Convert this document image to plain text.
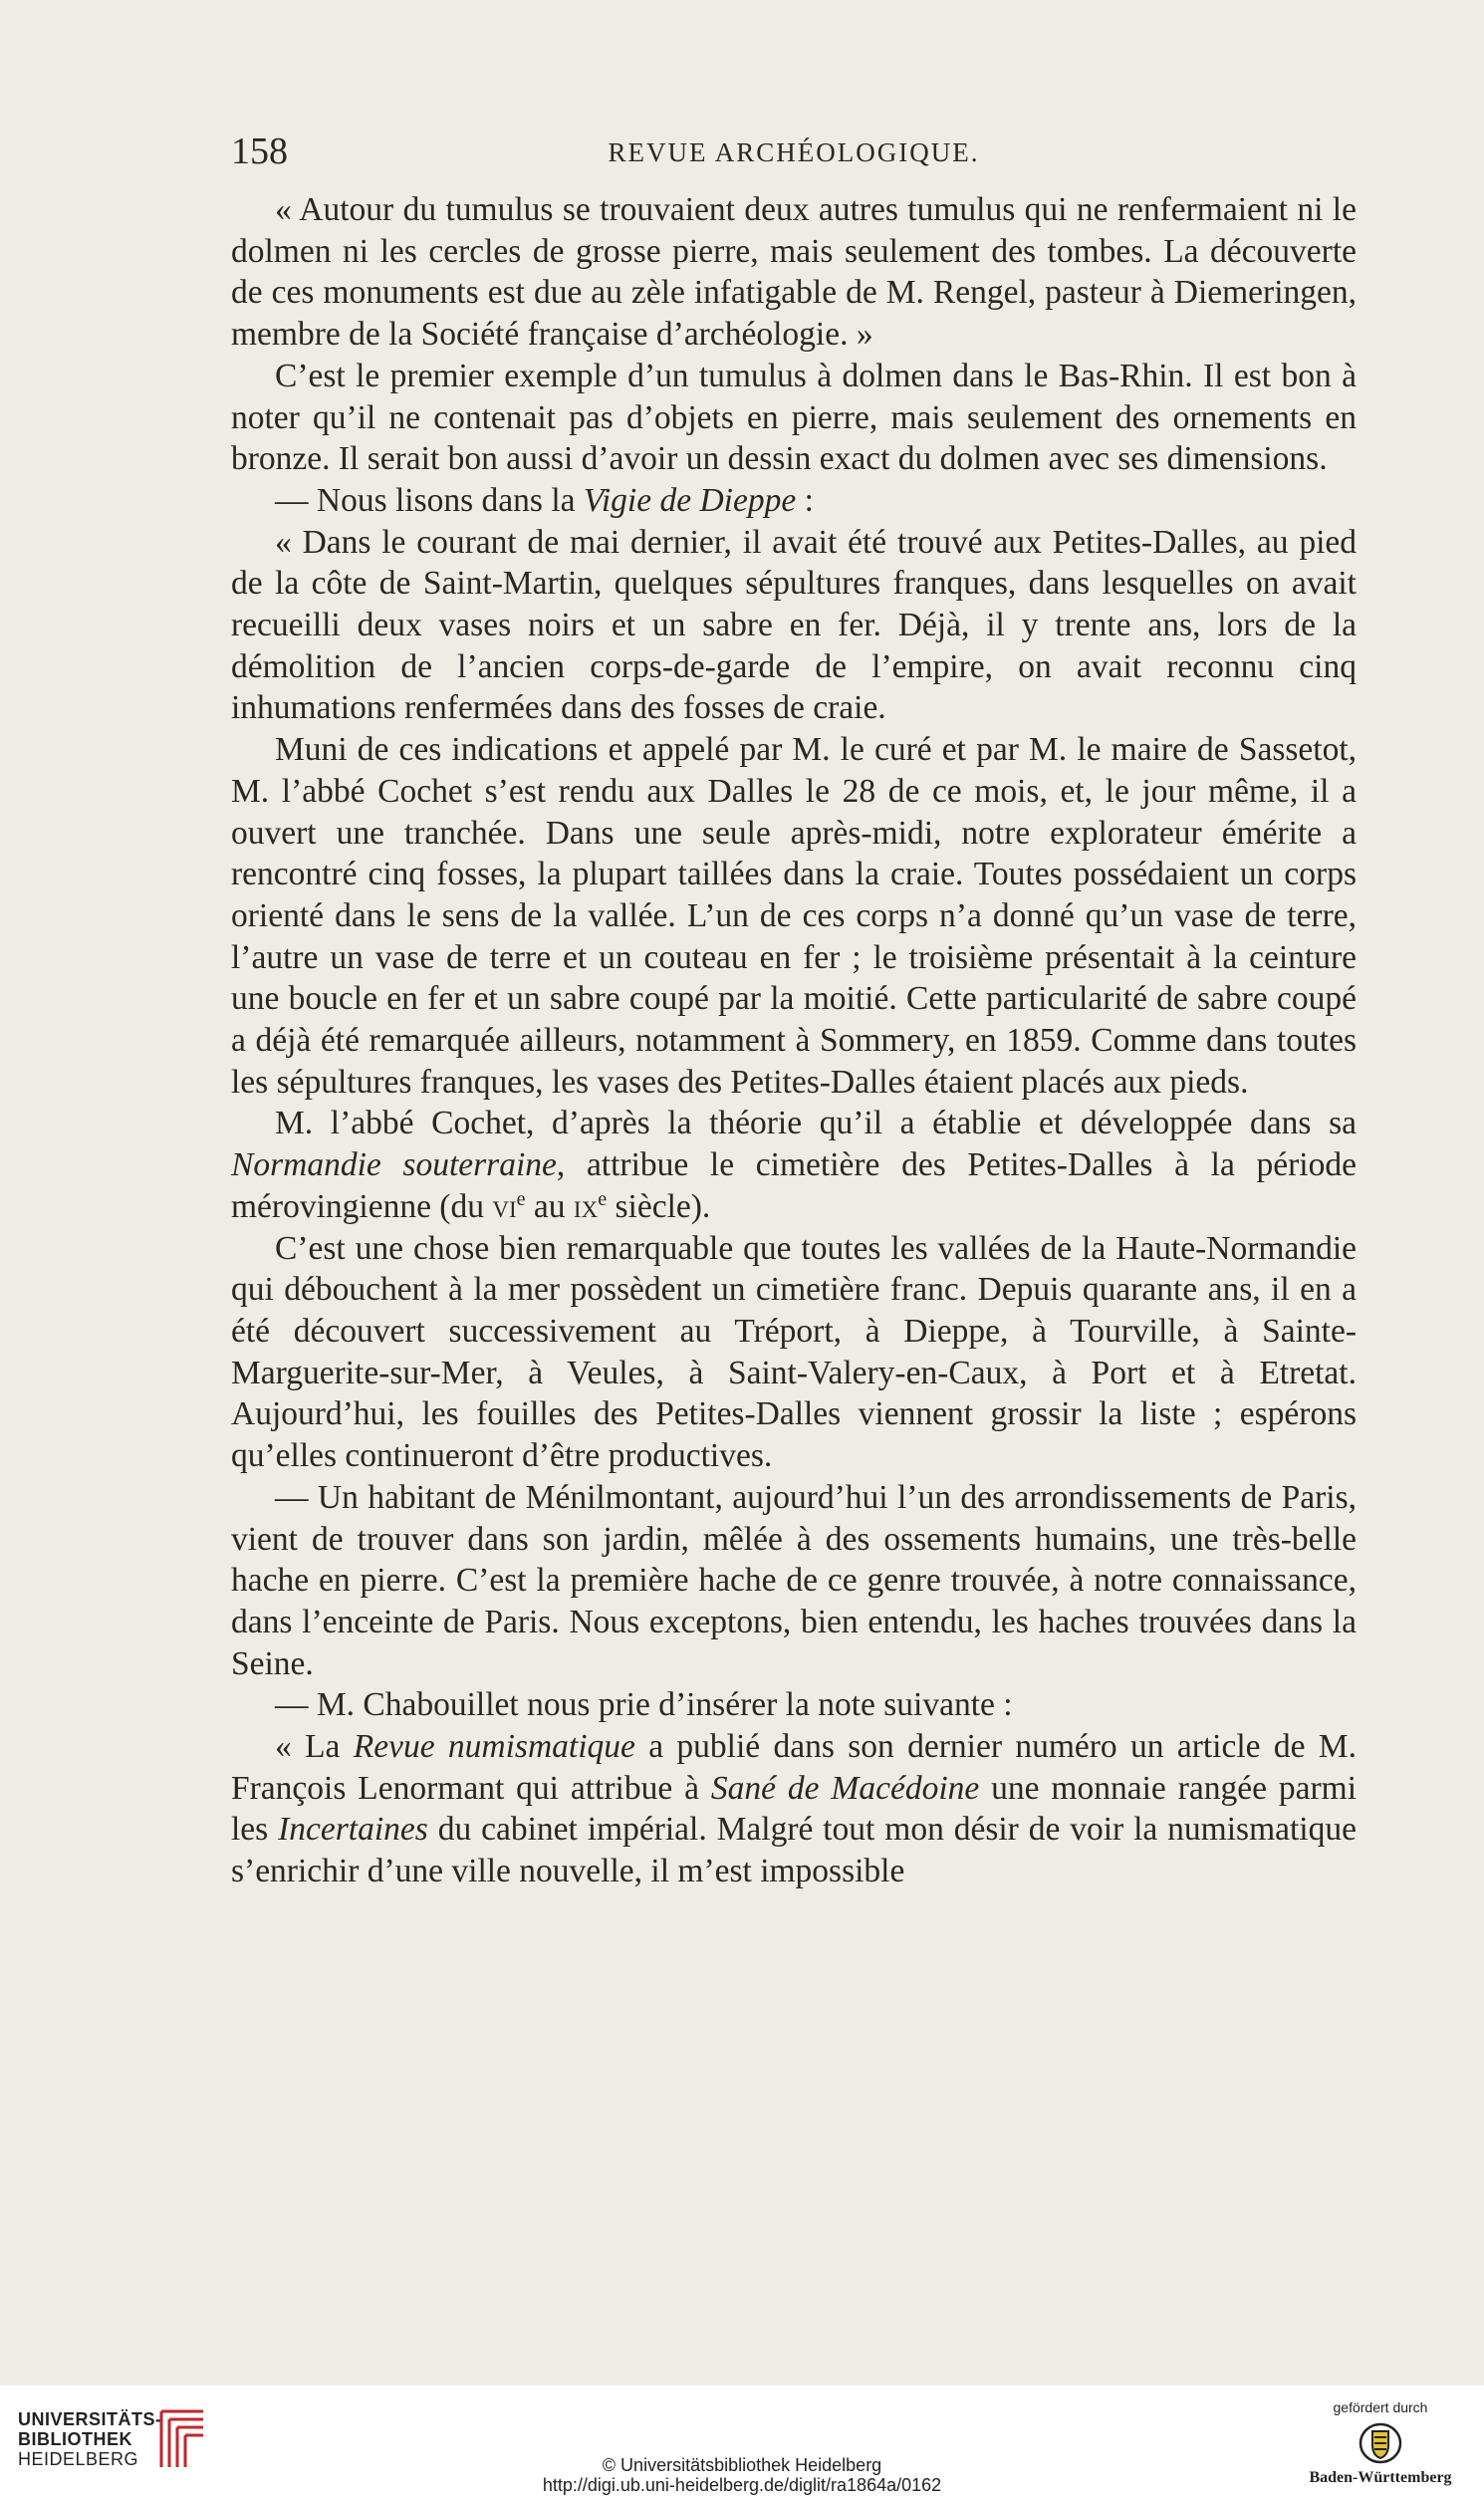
158	REVUE ARCHÉOLOGIQUE.

« Autour du tumulus se trouvaient deux autres tumulus qui ne renfermaient ni le dolmen ni les cercles de grosse pierre, mais seulement des tombes. La découverte de ces monuments est due au zèle infatigable de M. Rengel, pasteur à Diemeringen, membre de la Société française d’archéologie. »

C’est le premier exemple d’un tumulus à dolmen dans le Bas-Rhin. Il est bon à noter qu’il ne contenait pas d’objets en pierre, mais seulement des ornements en bronze. Il serait bon aussi d’avoir un dessin exact du dolmen avec ses dimensions.

— Nous lisons dans la Vigie de Dieppe :

« Dans le courant de mai dernier, il avait été trouvé aux Petites-Dalles, au pied de la côte de Saint-Martin, quelques sépultures franques, dans lesquelles on avait recueilli deux vases noirs et un sabre en fer. Déjà, il y trente ans, lors de la démolition de l’ancien corps-de-garde de l’empire, on avait reconnu cinq inhumations renfermées dans des fosses de craie.

Muni de ces indications et appelé par M. le curé et par M. le maire de Sassetot, M. l’abbé Cochet s’est rendu aux Dalles le 28 de ce mois, et, le jour même, il a ouvert une tranchée. Dans une seule après-midi, notre explorateur émérite a rencontré cinq fosses, la plupart taillées dans la craie. Toutes possédaient un corps orienté dans le sens de la vallée. L’un de ces corps n’a donné qu’un vase de terre, l’autre un vase de terre et un couteau en fer ; le troisième présentait à la ceinture une boucle en fer et un sabre coupé par la moitié. Cette particularité de sabre coupé a déjà été remarquée ailleurs, notamment à Sommery, en 1859. Comme dans toutes les sépultures franques, les vases des Petites-Dalles étaient placés aux pieds.

M. l’abbé Cochet, d’après la théorie qu’il a établie et développée dans sa Normandie souterraine, attribue le cimetière des Petites-Dalles à la période mérovingienne (du $vi^e$ au $ix^e$ siècle).

C’est une chose bien remarquable que toutes les vallées de la Haute-Normandie qui débouchent à la mer possèdent un cimetière franc. Depuis quarante ans, il en a été découvert successivement au Tréport, à Dieppe, à Tourville, à Sainte-Marguerite-sur-Mer, à Veules, à Saint-Valery-en-Caux, à Port et à Etretat. Aujourd’hui, les fouilles des Petites-Dalles viennent grossir la liste ; espérons qu’elles continueront d’être productives.

— Un habitant de Ménilmontant, aujourd’hui l’un des arrondissements de Paris, vient de trouver dans son jardin, mêlée à des ossements humains, une très-belle hache en pierre. C’est la première hache de ce genre trouvée, à notre connaissance, dans l’enceinte de Paris. Nous exceptons, bien entendu, les haches trouvées dans la Seine.

— M. Chabouillet nous prie d’insérer la note suivante :

« La Revue numismatique a publié dans son dernier numéro un article de M. François Lenormant qui attribue à Sané de Macédoine une monnaie rangée parmi les Incertaines du cabinet impérial. Malgré tout mon désir de voir la numismatique s’enrichir d’une ville nouvelle, il m’est impossible

UNIVERSITÄTS-
BIBLIOTHEK
HEIDELBERG	© Universitätsbibliothek Heidelberg
http://digi.ub.uni-heidelberg.de/diglit/ra1864a/0162
gefördert durch
Baden-Württemberg
